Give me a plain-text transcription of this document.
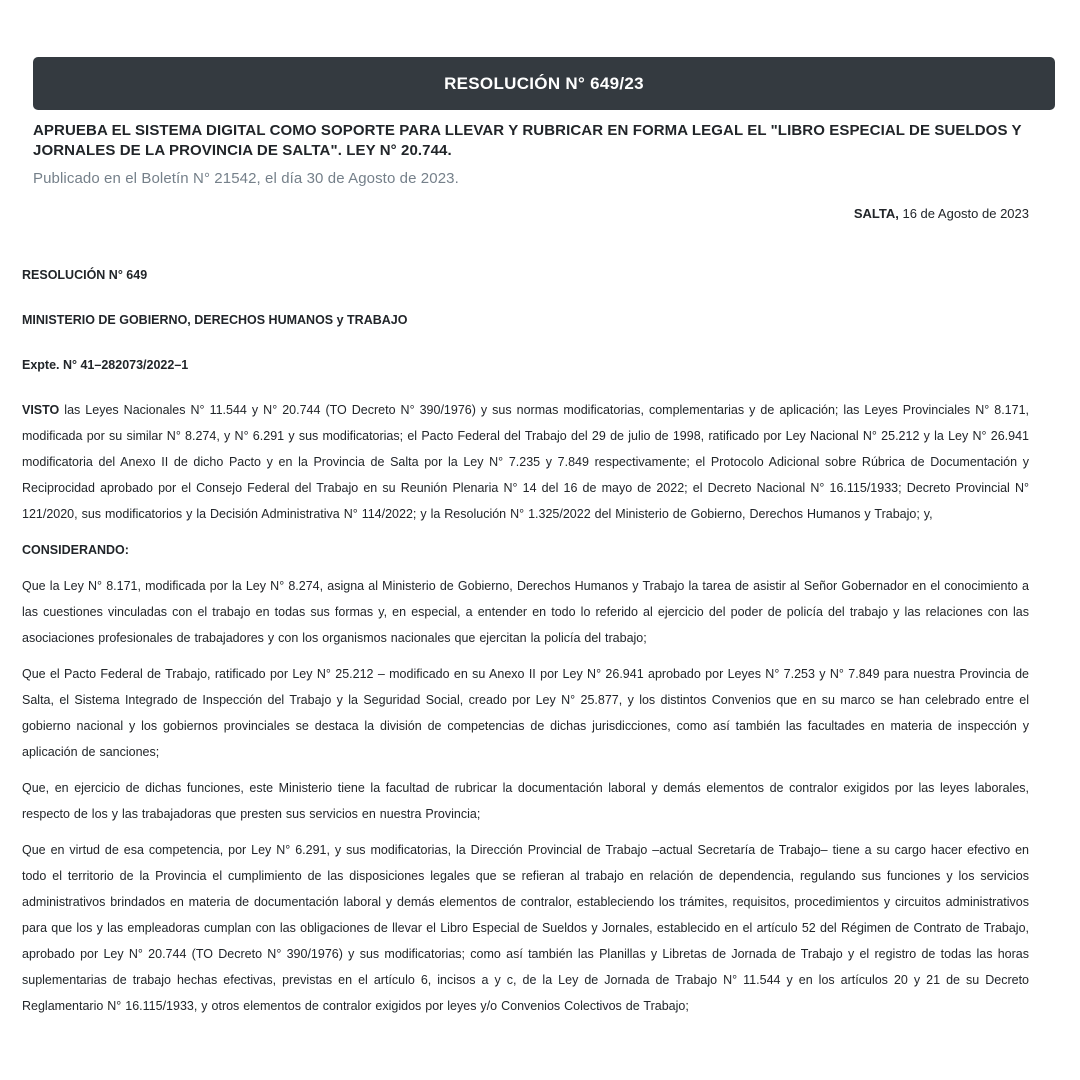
RESOLUCIÓN N° 649/23
APRUEBA EL SISTEMA DIGITAL COMO SOPORTE PARA LLEVAR Y RUBRICAR EN FORMA LEGAL EL "LIBRO ESPECIAL DE SUELDOS Y JORNALES DE LA PROVINCIA DE SALTA". LEY N° 20.744.

Publicado en el Boletín N° 21542, el día 30 de Agosto de 2023.

SALTA, 16 de Agosto de 2023

RESOLUCIÓN N° 649

MINISTERIO DE GOBIERNO, DERECHOS HUMANOS y TRABAJO

Expte. N° 41–282073/2022–1

VISTO las Leyes Nacionales N° 11.544 y N° 20.744 (TO Decreto N° 390/1976) y sus normas modificatorias, complementarias y de aplicación; las Leyes Provinciales N° 8.171, modificada por su similar N° 8.274, y N° 6.291 y sus modificatorias; el Pacto Federal del Trabajo del 29 de julio de 1998, ratificado por Ley Nacional N° 25.212 y la Ley N° 26.941 modificatoria del Anexo II de dicho Pacto y en la Provincia de Salta por la Ley N° 7.235 y 7.849 respectivamente; el Protocolo Adicional sobre Rúbrica de Documentación y Reciprocidad aprobado por el Consejo Federal del Trabajo en su Reunión Plenaria N° 14 del 16 de mayo de 2022; el Decreto Nacional N° 16.115/1933; Decreto Provincial N° 121/2020, sus modificatorios y la Decisión Administrativa N° 114/2022; y la Resolución N° 1.325/2022 del Ministerio de Gobierno, Derechos Humanos y Trabajo; y,

CONSIDERANDO:

Que la Ley N° 8.171, modificada por la Ley N° 8.274, asigna al Ministerio de Gobierno, Derechos Humanos y Trabajo la tarea de asistir al Señor Gobernador en el conocimiento a las cuestiones vinculadas con el trabajo en todas sus formas y, en especial, a entender en todo lo referido al ejercicio del poder de policía del trabajo y las relaciones con las asociaciones profesionales de trabajadores y con los organismos nacionales que ejercitan la policía del trabajo;

Que el Pacto Federal de Trabajo, ratificado por Ley N° 25.212 – modificado en su Anexo II por Ley N° 26.941 aprobado por Leyes N° 7.253 y N° 7.849 para nuestra Provincia de Salta, el Sistema Integrado de Inspección del Trabajo y la Seguridad Social, creado por Ley N° 25.877, y los distintos Convenios que en su marco se han celebrado entre el gobierno nacional y los gobiernos provinciales se destaca la división de competencias de dichas jurisdicciones, como así también las facultades en materia de inspección y aplicación de sanciones;

Que, en ejercicio de dichas funciones, este Ministerio tiene la facultad de rubricar la documentación laboral y demás elementos de contralor exigidos por las leyes laborales, respecto de los y las trabajadoras que presten sus servicios en nuestra Provincia;

Que en virtud de esa competencia, por Ley N° 6.291, y sus modificatorias, la Dirección Provincial de Trabajo –actual Secretaría de Trabajo– tiene a su cargo hacer efectivo en todo el territorio de la Provincia el cumplimiento de las disposiciones legales que se refieran al trabajo en relación de dependencia, regulando sus funciones y los servicios administrativos brindados en materia de documentación laboral y demás elementos de contralor, estableciendo los trámites, requisitos, procedimientos y circuitos administrativos para que los y las empleadoras cumplan con las obligaciones de llevar el Libro Especial de Sueldos y Jornales, establecido en el artículo 52 del Régimen de Contrato de Trabajo, aprobado por Ley N° 20.744 (TO Decreto N° 390/1976) y sus modificatorias; como así también las Planillas y Libretas de Jornada de Trabajo y el registro de todas las horas suplementarias de trabajo hechas efectivas, previstas en el artículo 6, incisos a y c, de la Ley de Jornada de Trabajo N° 11.544 y en los artículos 20 y 21 de su Decreto Reglamentario N° 16.115/1933, y otros elementos de contralor exigidos por leyes y/o Convenios Colectivos de Trabajo;
